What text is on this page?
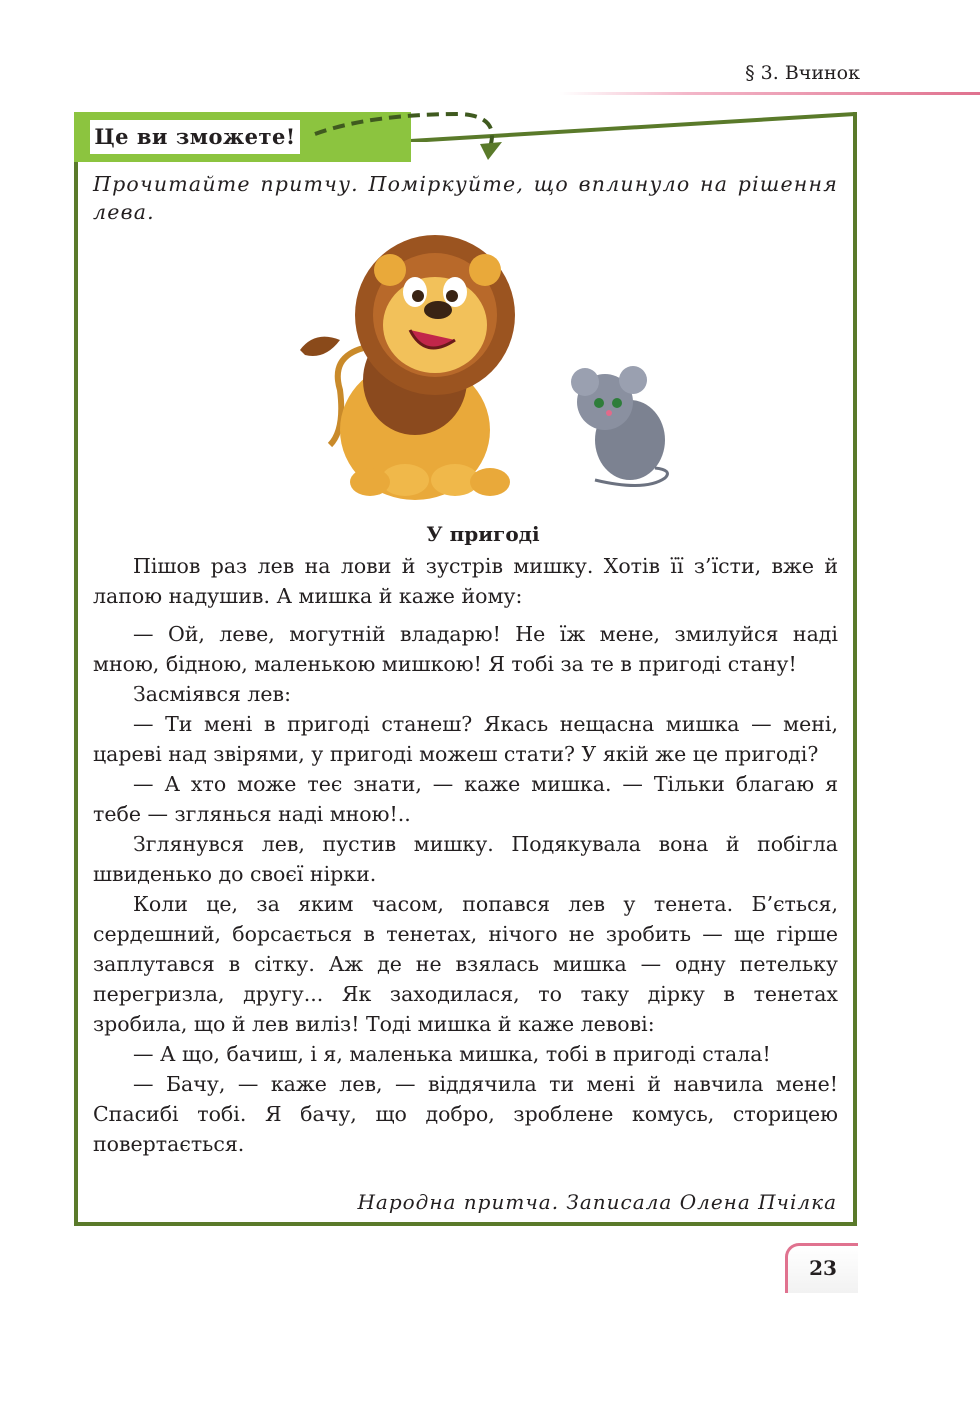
§ 3. Вчинок
Це ви зможете!
Прочитайте притчу. Поміркуйте, що вплинуло на рішення лева.
У пригоді

Пішов раз лев на лови й зустрів мишку. Хотів її з’їсти, вже й лапою надушив. А мишка й каже йому:

— Ой, леве, могутній владарю! Не їж мене, змилуйся наді мною, бідною, маленькою мишкою! Я тобі за те в пригоді стану!

Засміявся лев:

— Ти мені в пригоді станеш? Якась нещасна мишка — мені, цареві над звірями, у пригоді можеш стати? У якій же це пригоді?

— А хто може теє знати, — каже мишка. — Тільки благаю я тебе — зглянься наді мною!..

Зглянувся лев, пустив мишку. Подякувала вона й побігла швиденько до своєї нірки.

Коли це, за яким часом, попався лев у тенета. Б’ється, сердешний, борсається в тенетах, нічого не зробить — ще гірше заплутався в сітку. Аж де не взялась мишка — одну петельку перегризла, другу... Як заходилася, то таку дірку в тенетах зробила, що й лев виліз! Тоді мишка й каже левові:

— А що, бачиш, і я, маленька мишка, тобі в пригоді стала!

— Бачу, — каже лев, — віддячила ти мені й навчила мене! Спасибі тобі. Я бачу, що добро, зроблене комусь, сторицею повертається.

Народна притча. Записала Олена Пчілка
23
